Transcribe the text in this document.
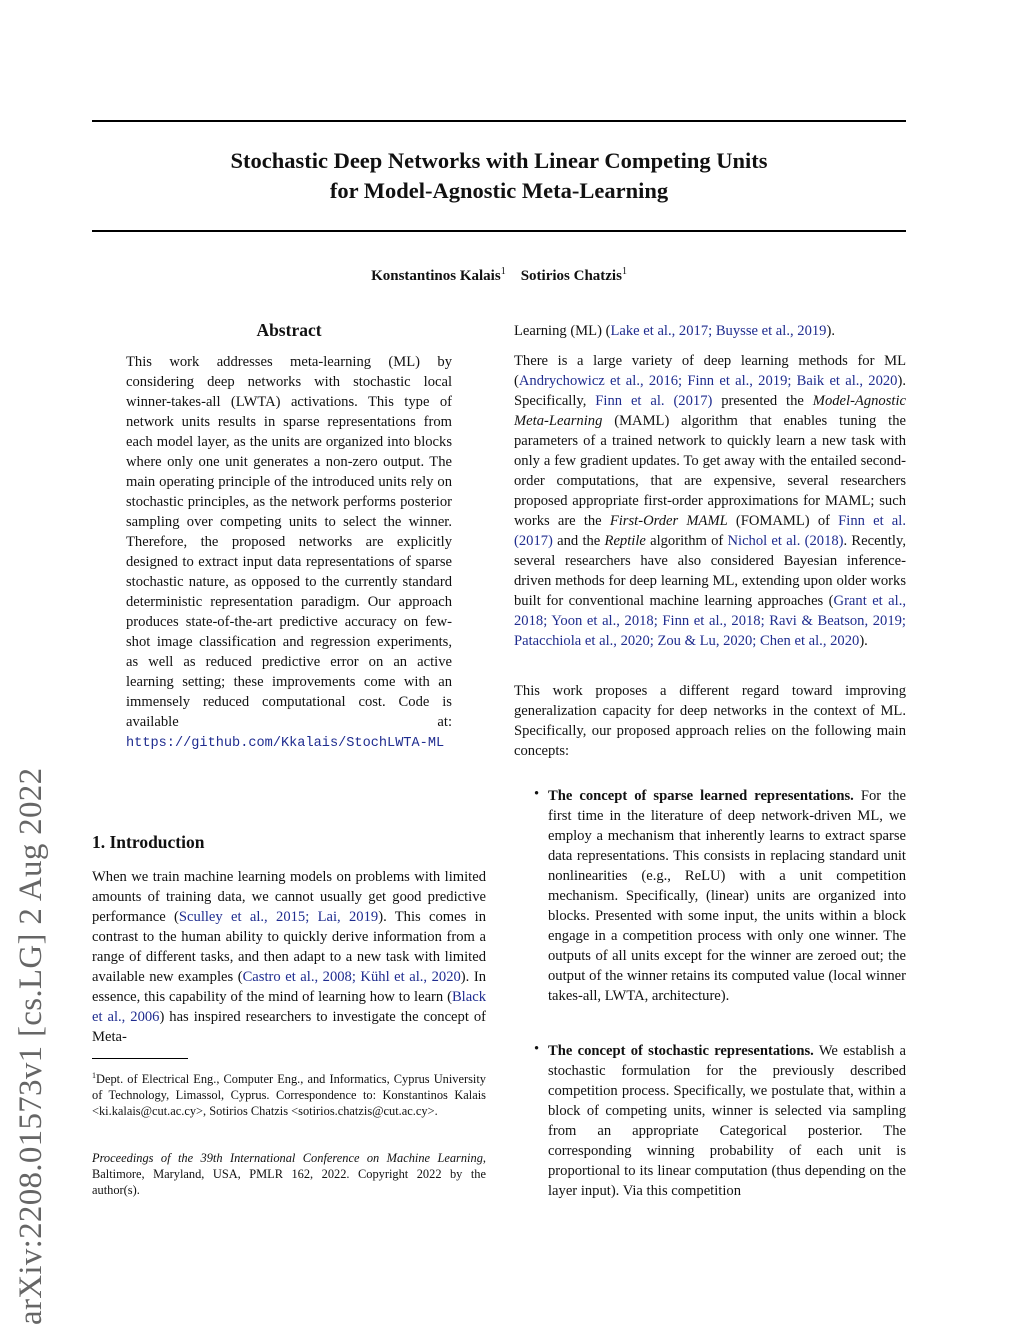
arXiv:2208.01573v1 [cs.LG] 2 Aug 2022
Stochastic Deep Networks with Linear Competing Units
for Model-Agnostic Meta-Learning
Konstantinos Kalais$^1$ Sotirios Chatzis$^1$
Abstract
This work addresses meta-learning (ML) by considering deep networks with stochastic local winner-takes-all (LWTA) activations. This type of network units results in sparse representations from each model layer, as the units are organized into blocks where only one unit generates a non-zero output. The main operating principle of the introduced units rely on stochastic principles, as the network performs posterior sampling over competing units to select the winner. Therefore, the proposed networks are explicitly designed to extract input data representations of sparse stochastic nature, as opposed to the currently standard deterministic representation paradigm. Our approach produces state-of-the-art predictive accuracy on few-shot image classification and regression experiments, as well as reduced predictive error on an active learning setting; these improvements come with an immensely reduced computational cost. Code is available at: https://github.com/Kkalais/StochLWTA-ML
1. Introduction

When we train machine learning models on problems with limited amounts of training data, we cannot usually get good predictive performance (Sculley et al., 2015; Lai, 2019). This comes in contrast to the human ability to quickly derive information from a range of different tasks, and then adapt to a new task with limited available new examples (Castro et al., 2008; Kühl et al., 2020). In essence, this capability of the mind of learning how to learn (Black et al., 2006) has inspired researchers to investigate the concept of Meta-

$^1$Dept. of Electrical Eng., Computer Eng., and Informatics, Cyprus University of Technology, Limassol, Cyprus. Correspondence to: Konstantinos Kalais <ki.kalais@cut.ac.cy>, Sotirios Chatzis <sotirios.chatzis@cut.ac.cy>.
Proceedings of the 39th International Conference on Machine Learning, Baltimore, Maryland, USA, PMLR 162, 2022. Copyright 2022 by the author(s).

Learning (ML) (Lake et al., 2017; Buysse et al., 2019).

There is a large variety of deep learning methods for ML (Andrychowicz et al., 2016; Finn et al., 2019; Baik et al., 2020). Specifically, Finn et al. (2017) presented the Model-Agnostic Meta-Learning (MAML) algorithm that enables tuning the parameters of a trained network to quickly learn a new task with only a few gradient updates. To get away with the entailed second-order computations, that are expensive, several researchers proposed appropriate first-order approximations for MAML; such works are the First-Order MAML (FOMAML) of Finn et al. (2017) and the Reptile algorithm of Nichol et al. (2018). Recently, several researchers have also considered Bayesian inference-driven methods for deep learning ML, extending upon older works built for conventional machine learning approaches (Grant et al., 2018; Yoon et al., 2018; Finn et al., 2018; Ravi & Beatson, 2019; Patacchiola et al., 2020; Zou & Lu, 2020; Chen et al., 2020).

This work proposes a different regard toward improving generalization capacity for deep networks in the context of ML. Specifically, our proposed approach relies on the following main concepts:

• The concept of sparse learned representations. For the first time in the literature of deep network-driven ML, we employ a mechanism that inherently learns to extract sparse data representations. This consists in replacing standard unit nonlinearities (e.g., ReLU) with a unit competition mechanism. Specifically, (linear) units are organized into blocks. Presented with some input, the units within a block engage in a competition process with only one winner. The outputs of all units except for the winner are zeroed out; the output of the winner retains its computed value (local winner takes-all, LWTA, architecture).
• The concept of stochastic representations. We establish a stochastic formulation for the previously described competition process. Specifically, we postulate that, within a block of competing units, winner is selected via sampling from an appropriate Categorical posterior. The corresponding winning probability of each unit is proportional to its linear computation (thus depending on the layer input). Via this competition
